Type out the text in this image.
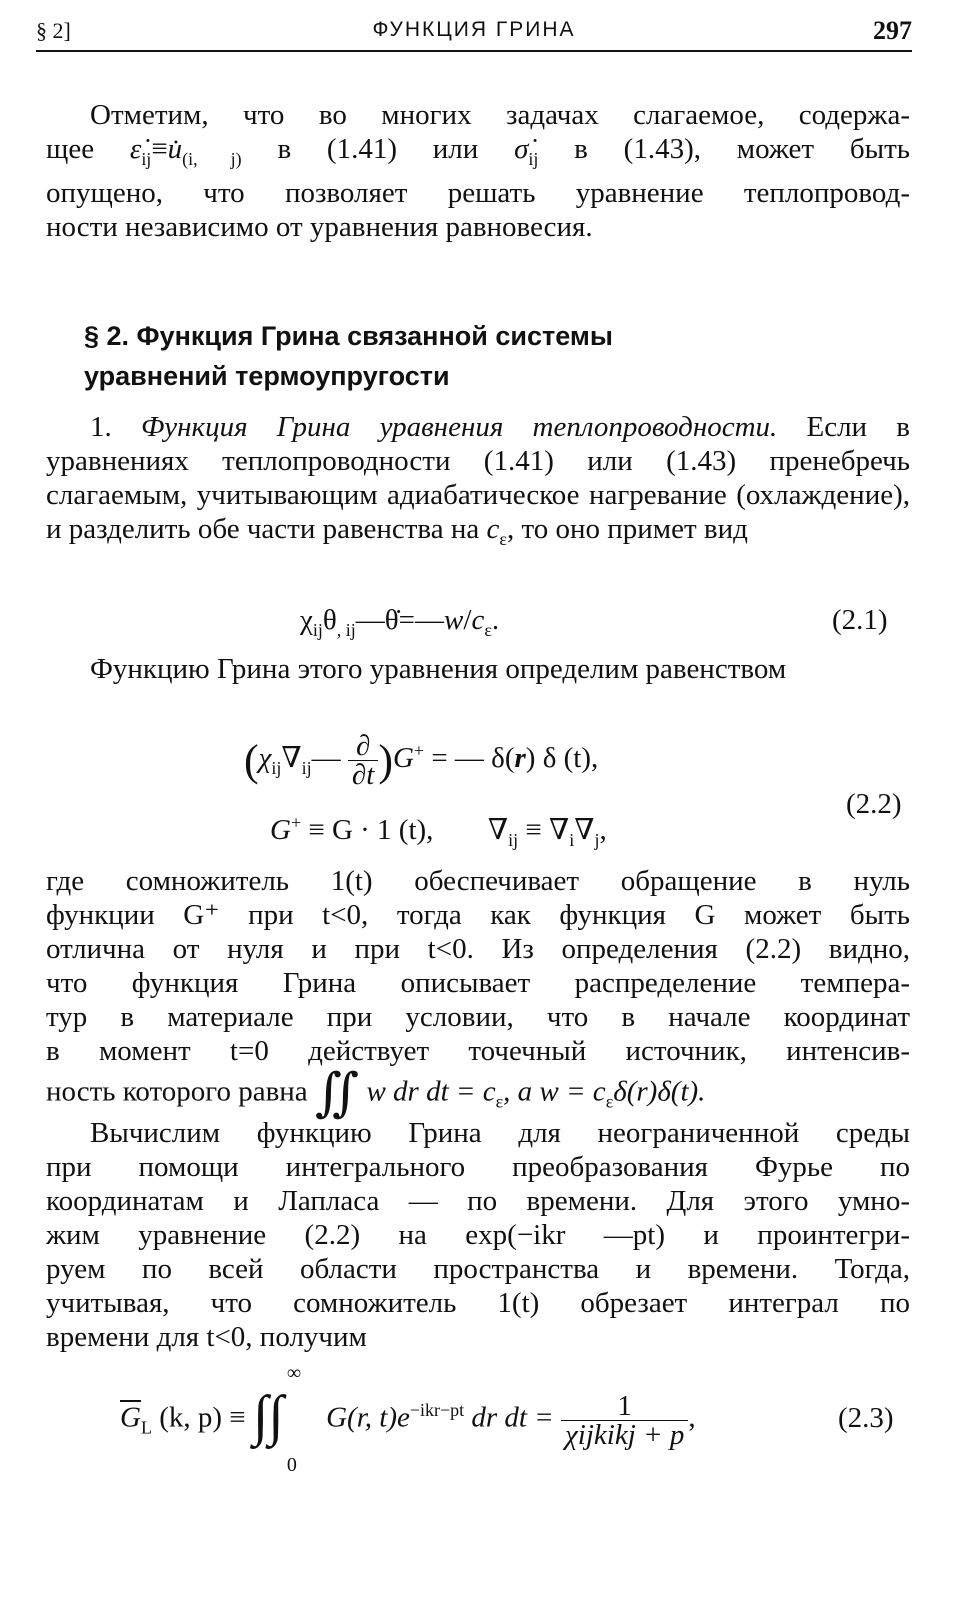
§ 2]	ФУНКЦИЯ ГРИНА	297
Отметим, что во многих задачах слагаемое, содержа-
щее $\varepsiloṅ_{ij}\equiv u̇_{(i, j)}$ в (1.41) или $\sigmȧ_{ij}$ в (1.43), может быть
опущено, что позволяет решать уравнение теплопровод-
ности независимо от уравнения равновесия.
§ 2. Функция Грина связанной системы
уравнений термоупругости
1. Функция Грина уравнения теплопроводности. Если в уравнениях теплопроводности (1.41) или (1.43) пренебречь слагаемым, учитывающим адиабатическое нагревание (охлаждение), и разделить обе части равенства на $c_\varepsilon$, то оно примет вид
$\chi_{ij}\theta_{, ij}—\thetȧ=—w/c_\varepsilon$.	(2.1)
Функцию Грина этого уравнения определим равенством
$(\chi_{ij}\nabla_{ij}— \frac{\partial}{\partial t} )G^+$ = — δ(r) δ (t),
G+ ≡ G · 1 (t), $\nabla_{ij} \equiv \nabla_i\nabla_j$,
(2.2)
где сомножитель 1(t) обеспечивает обращение в нуль
функции G⁺ при t<0, тогда как функция G может быть
отлична от нуля и при t<0. Из определения (2.2) видно,
что функция Грина описывает распределение темпера-
тур в материале при условии, что в начале координат
в момент t=0 действует точечный источник, интенсив-
ность которого равна ∬ w dr dt = $c_\varepsilon$, а $w = c_\varepsilon\delta(r)\delta(t)$.
Вычислим функцию Грина для неограниченной среды
при помощи интегрального преобразования Фурье по
координатам и Лапласа — по времени. Для этого умно-
жим уравнение (2.2) на exp(−ikr —pt) и проинтегри-
руем по всей области пространства и времени. Тогда,
учитывая, что сомножитель 1(t) обрезает интеграл по
времени для t<0, получим
$\overline{G}_L$ (k, p) ≡ ∫∫
∞
0
G(r, $t)e^{-ikr-pt}$ dr dt = $\frac{1}{\text{χijkikj + p}}$ ,	(2.3)
